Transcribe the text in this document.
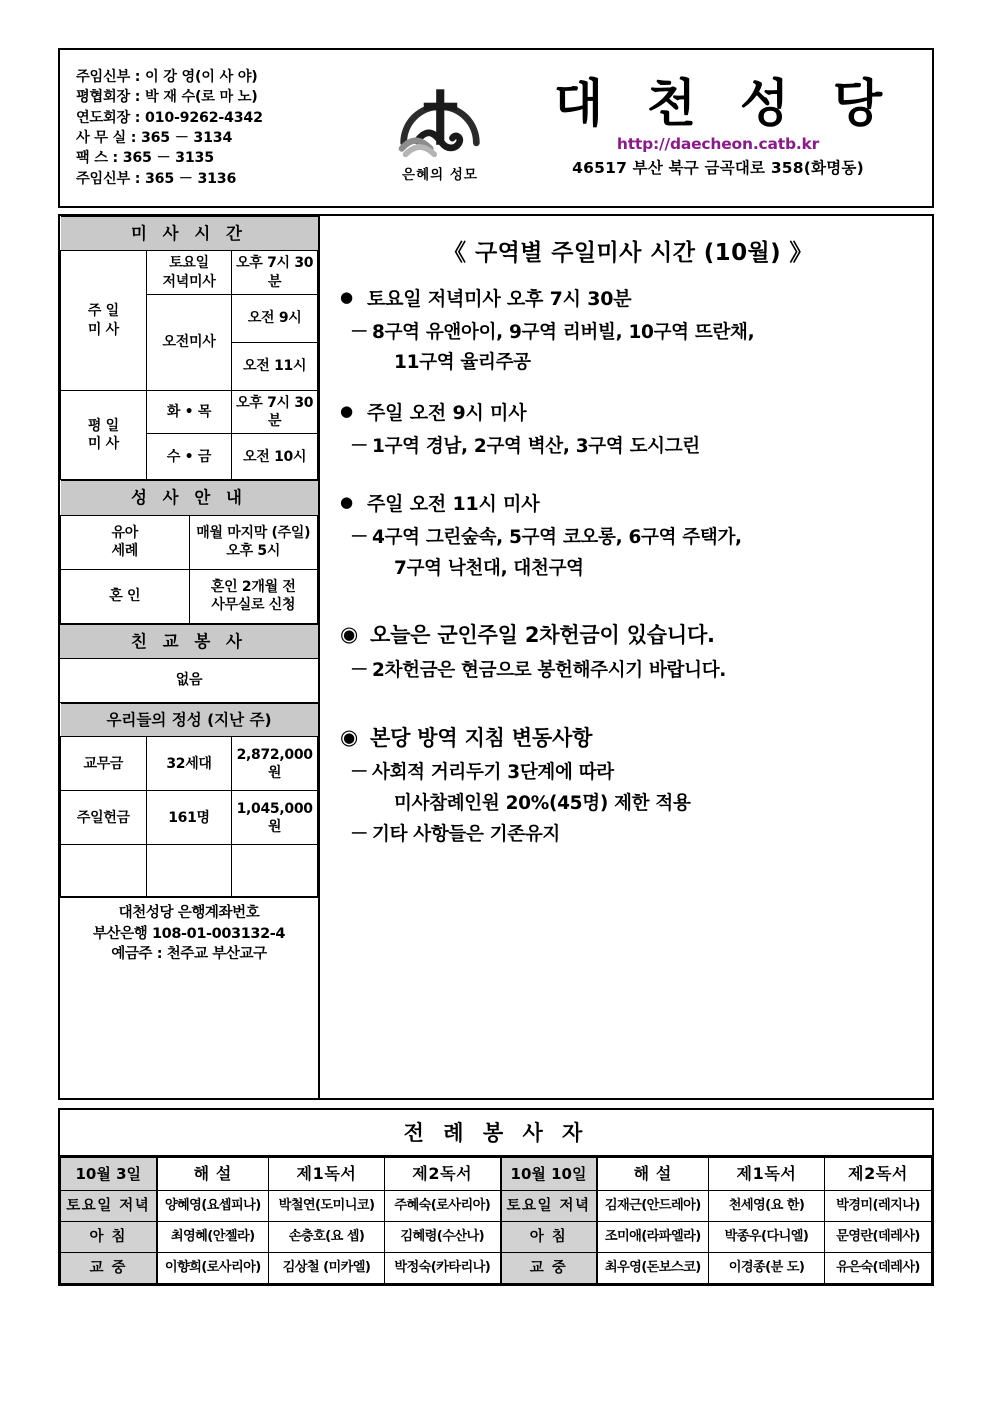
주임신부 : 이 강 영(이 사 야)
평협회장 : 박 재 수(로 마 노)
연도회장 : 010-9262-4342
사 무 실 : 365 － 3134
팩 스 : 365 － 3135
주임신부 : 365 － 3136	은혜의 성모
대 천 성 당
http://daecheon.catb.kr
46517 부산 북구 금곡대로 358(화명동)
미 사 시 간		
주 일
미 사	토요일
저녁미사	오후 7시 30분
	오전미사	오전 9시
		오전 11시
평 일
미 사	화 • 목	오후 7시 30분
	수 • 금	오전 10시
성 사 안 내	
유아
세례	매월 마지막 (주일)
오후 5시
혼 인	혼인 2개월 전
사무실로 신청
친 교 봉 사
없음
우리들의 정성 (지난 주)		
교무금	32세대	2,872,000원
주일헌금	161명	1,045,000원

대천성당 은행계좌번호
부산은행 108-01-003132-4
예금주 : 천주교 부산교구
《 구역별 주일미사 시간 (10월) 》
● 토요일 저녁미사 오후 7시 30분
－ 8구역 유앤아이, 9구역 리버빌, 10구역 뜨란채,
11구역 율리주공
● 주일 오전 9시 미사
－ 1구역 경남, 2구역 벽산, 3구역 도시그린
● 주일 오전 11시 미사
－ 4구역 그린숲속, 5구역 코오롱, 6구역 주택가,
7구역 낙천대, 대천구역
◉ 오늘은 군인주일 2차헌금이 있습니다.
－ 2차헌금은 현금으로 봉헌해주시기 바랍니다.
◉ 본당 방역 지침 변동사항
－ 사회적 거리두기 3단계에 따라
미사참례인원 20%(45명) 제한 적용
－ 기타 사항들은 기존유지
전 례 봉 사 자
10월 3일	해 설	제1독서	제2독서	10월 10일	해 설	제1독서	제2독서
토요일 저녁	양혜영(요셉피나)	박철연(도미니코)	주혜숙(로사리아)	토요일 저녁	김재근(안드레아)	천세영(요 한)	박경미(레지나)
아 침	최영혜(안젤라)	손충호(요 셉)	김혜령(수산나)	아 침	조미애(라파엘라)	박종우(다니엘)	문영란(데레사)
교 중	이향희(로사리아)	김상철 (미카엘)	박정숙(카타리나)	교 중	최우영(돈보스코)	이경종(분 도)	유은숙(데레사)
